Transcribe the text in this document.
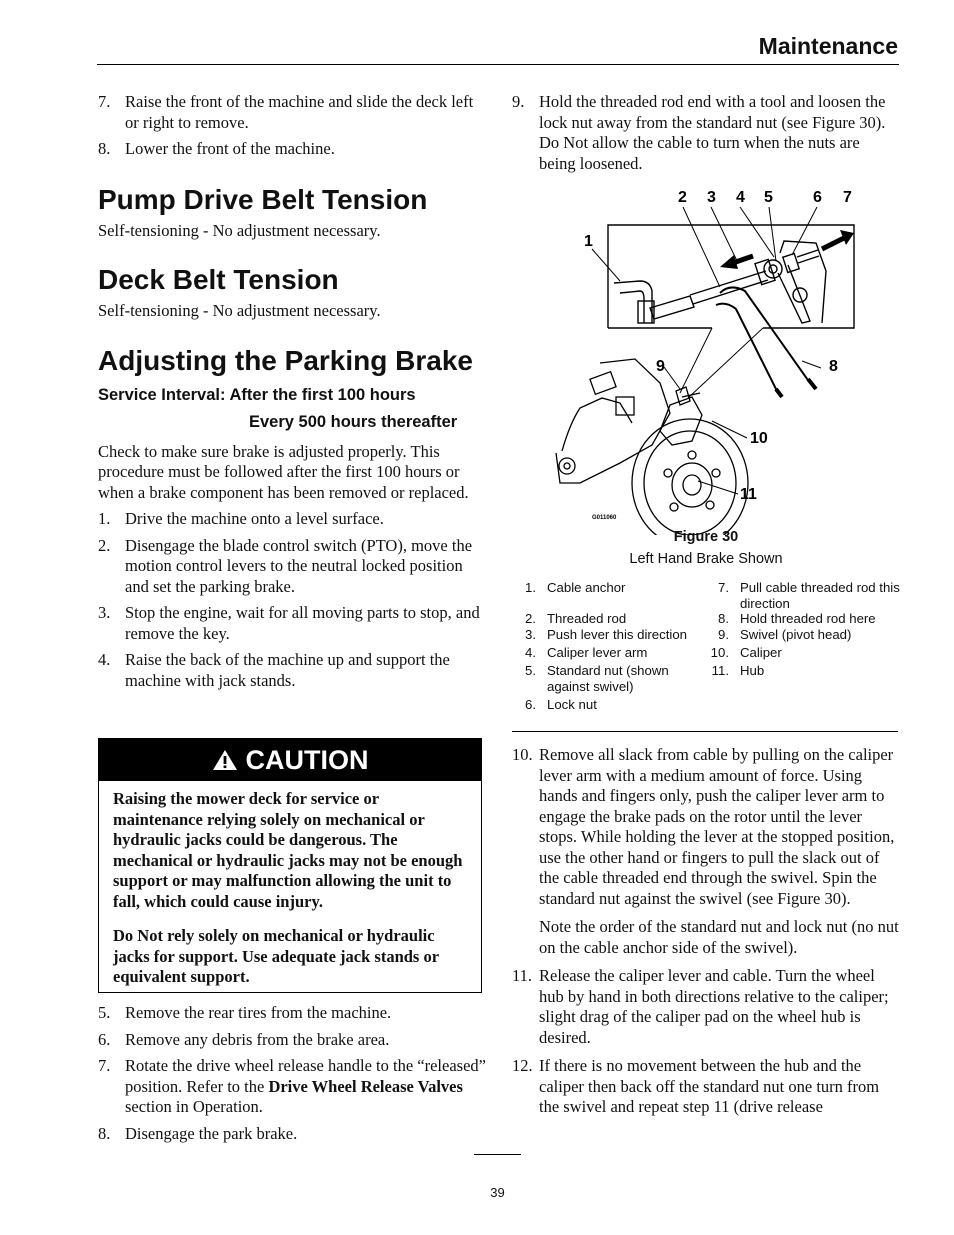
Maintenance
7. Raise the front of the machine and slide the deck left or right to remove.
8. Lower the front of the machine.
Pump Drive Belt Tension
Self-tensioning - No adjustment necessary.
Deck Belt Tension
Self-tensioning - No adjustment necessary.
Adjusting the Parking Brake
Service Interval: After the first 100 hours
Every 500 hours thereafter
Check to make sure brake is adjusted properly. This procedure must be followed after the first 100 hours or when a brake component has been removed or replaced.
1. Drive the machine onto a level surface.
2. Disengage the blade control switch (PTO), move the motion control levers to the neutral locked position and set the parking brake.
3. Stop the engine, wait for all moving parts to stop, and remove the key.
4. Raise the back of the machine up and support the machine with jack stands.
CAUTION

Raising the mower deck for service or maintenance relying solely on mechanical or hydraulic jacks could be dangerous. The mechanical or hydraulic jacks may not be enough support or may malfunction allowing the unit to fall, which could cause injury.

Do Not rely solely on mechanical or hydraulic jacks for support. Use adequate jack stands or equivalent support.

5. Remove the rear tires from the machine.
6. Remove any debris from the brake area.
7. Rotate the drive wheel release handle to the “released” position. Refer to the Drive Wheel Release Valves section in Operation.
8. Disengage the park brake.
9. Hold the threaded rod end with a tool and loosen the lock nut away from the standard nut (see Figure 30). Do Not allow the cable to turn when the nuts are being loosened.
2 3 4 5	6 7
1
9	8
10
11
G011060
Figure 30
Left Hand Brake Shown
1. Cable anchor
2. Threaded rod
3. Push lever this direction
4. Caliper lever arm
5. Standard nut (shown against swivel)
6. Lock nut
7. Pull cable threaded rod this direction
8. Hold threaded rod here
9. Swivel (pivot head)
10. Caliper
11. Hub
10. Remove all slack from cable by pulling on the caliper lever arm with a medium amount of force. Using hands and fingers only, push the caliper lever arm to engage the brake pads on the rotor until the lever stops. While holding the lever at the stopped position, use the other hand or fingers to pull the slack out of the cable threaded end through the swivel. Spin the standard nut against the swivel (see Figure 30).
Note the order of the standard nut and lock nut (no nut on the cable anchor side of the swivel).
11. Release the caliper lever and cable. Turn the wheel hub by hand in both directions relative to the caliper; slight drag of the caliper pad on the wheel hub is desired.
12. If there is no movement between the hub and the caliper then back off the standard nut one turn from the swivel and repeat step 11 (drive release
39
